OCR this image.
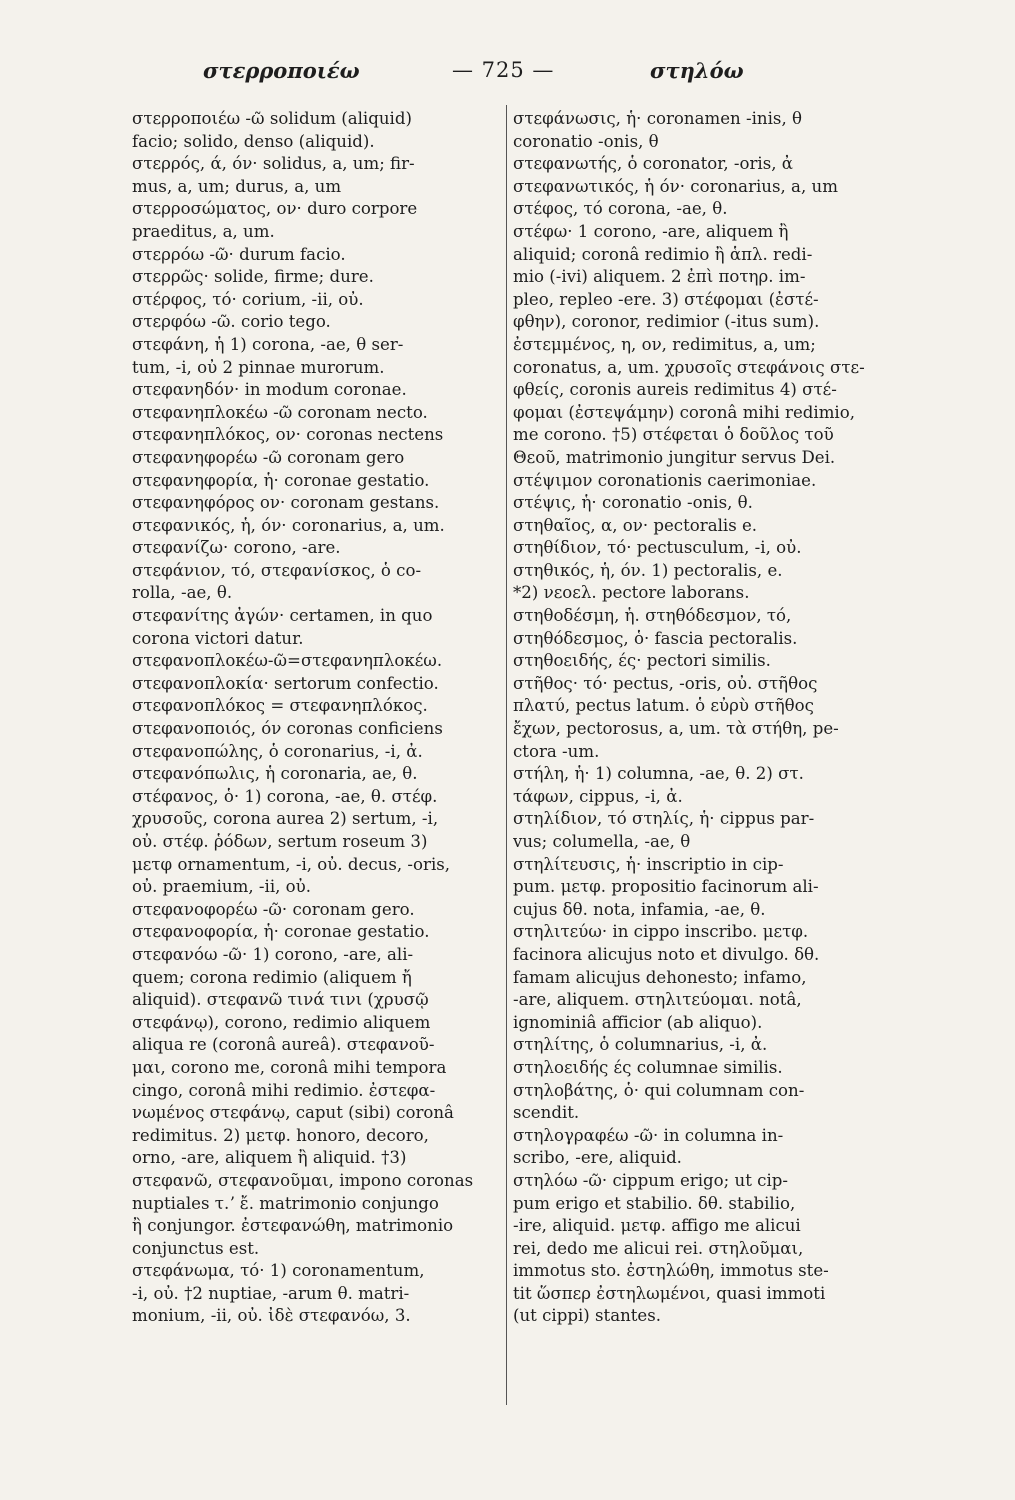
στερροποιέω	— 725 —	στηλόω
στερροποιέω -ῶ solidum (aliquid)
facio; solido, denso (aliquid).
στερρός, ά, όν· solidus, a, um; fir-
mus, a, um; durus, a, um
στερροσώματος, ον· duro corpore
praeditus, a, um.
στερρόω -ῶ· durum facio.
στερρῶς· solide, firme; dure.
στέρφος, τό· corium, -ii, οὐ.
στερφόω -ῶ. corio tego.
στεφάνη, ἡ 1) corona, -ae, θ ser-
tum, -i, οὐ 2 pinnae murorum.
στεφανηδόν· in modum coronae.
στεφανηπλοκέω -ῶ coronam necto.
στεφανηπλόκος, ον· coronas nectens
στεφανηφορέω -ῶ coronam gero
στεφανηφορία, ἡ· coronae gestatio.
στεφανηφόρος ον· coronam gestans.
στεφανικός, ἡ, όν· coronarius, a, um.
στεφανίζω· corono, -are.
στεφάνιον, τό, στεφανίσκος, ὁ co-
rolla, -ae, θ.
στεφανίτης ἀγών· certamen, in quo
corona victori datur.
στεφανοπλοκέω-ῶ=στεφανηπλοκέω.
στεφανοπλοκία· sertorum confectio.
στεφανοπλόκος = στεφανηπλόκος.
στεφανοποιός, όν coronas conficiens
στεφανοπώλης, ὁ coronarius, -i, ἀ.
στεφανόπωλις, ἡ coronaria, ae, θ.
στέφανος, ὁ· 1) corona, -ae, θ. στέφ.
χρυσοῦς, corona aurea 2) sertum, -i,
οὐ. στέφ. ῥόδων, sertum roseum 3)
μετφ ornamentum, -i, οὐ. decus, -oris,
οὐ. praemium, -ii, οὐ.
στεφανοφορέω -ῶ· coronam gero.
στεφανοφορία, ἡ· coronae gestatio.
στεφανόω -ῶ· 1) corono, -are, ali-
quem; corona redimio (aliquem ἤ
aliquid). στεφανῶ τινά τινι (χρυσῷ
στεφάνῳ), corono, redimio aliquem
aliqua re (coronâ aureâ). στεφανοῦ-
μαι, corono me, coronâ mihi tempora
cingo, coronâ mihi redimio. ἐστεφα-
νωμένος στεφάνῳ, caput (sibi) coronâ
redimitus. 2) μετφ. honoro, decoro,
orno, -are, aliquem ἢ aliquid. †3)
στεφανῶ, στεφανοῦμαι, impono coronas
nuptiales τ.ʼ ἔ. matrimonio conjungo
ἢ conjungor. ἐστεφανώθη, matrimonio
conjunctus est.
στεφάνωμα, τό· 1) coronamentum,
-i, οὐ. †2 nuptiae, -arum θ. matri-
monium, -ii, οὐ. ἰδὲ στεφανόω, 3.
στεφάνωσις, ἡ· coronamen -inis, θ
coronatio -onis, θ
στεφανωτής, ὁ coronator, -oris, ἀ
στεφανωτικός, ἡ όν· coronarius, a, um
στέφος, τό corona, -ae, θ.
στέφω· 1 corono, -are, aliquem ἢ
aliquid; coronâ redimio ἢ ἁπλ. redi-
mio (-ivi) aliquem. 2 ἐπὶ ποτηρ. im-
pleo, repleo -ere. 3) στέφομαι (ἐστέ-
φθην), coronor, redimior (-itus sum).
ἐστεμμένος, η, ον, redimitus, a, um;
coronatus, a, um. χρυσοῖς στεφάνοις στε-
φθείς, coronis aureis redimitus 4) στέ-
φομαι (ἐστεψάμην) coronâ mihi redimio,
me corono. †5) στέφεται ὁ δοῦλος τοῦ
Θεοῦ, matrimonio jungitur servus Dei.
στέψιμον coronationis caerimoniae.
στέψις, ἡ· coronatio -onis, θ.
στηθαῖος, α, ον· pectoralis e.
στηθίδιον, τό· pectusculum, -i, οὐ.
στηθικός, ἡ, όν. 1) pectoralis, e.
*2) νεοελ. pectore laborans.
στηθοδέσμη, ἡ. στηθόδεσμον, τό,
στηθόδεσμος, ὁ· fascia pectoralis.
στηθοειδής, ές· pectori similis.
στῆθος· τό· pectus, -oris, οὐ. στῆθος
πλατύ, pectus latum. ὁ εὐρὺ στῆθος
ἔχων, pectorosus, a, um. τὰ στήθη, pe-
ctora -um.
στήλη, ἡ· 1) columna, -ae, θ. 2) στ.
τάφων, cippus, -i, ἀ.
στηλίδιον, τό στηλίς, ἡ· cippus par-
vus; columella, -ae, θ
στηλίτευσις, ἡ· inscriptio in cip-
pum. μετφ. propositio facinorum ali-
cujus δθ. nota, infamia, -ae, θ.
στηλιτεύω· in cippo inscribo. μετφ.
facinora alicujus noto et divulgo. δθ.
famam alicujus dehonesto; infamo,
-are, aliquem. στηλιτεύομαι. notâ,
ignominiâ afficior (ab aliquo).
στηλίτης, ὁ columnarius, -i, ἀ.
στηλοειδής ές columnae similis.
στηλοβάτης, ὁ· qui columnam con-
scendit.
στηλογραφέω -ῶ· in columna in-
scribo, -ere, aliquid.
στηλόω -ῶ· cippum erigo; ut cip-
pum erigo et stabilio. δθ. stabilio,
-ire, aliquid. μετφ. affigo me alicui
rei, dedo me alicui rei. στηλοῦμαι,
immotus sto. ἐστηλώθη, immotus ste-
tit ὥσπερ ἐστηλωμένοι, quasi immoti
(ut cippi) stantes.
